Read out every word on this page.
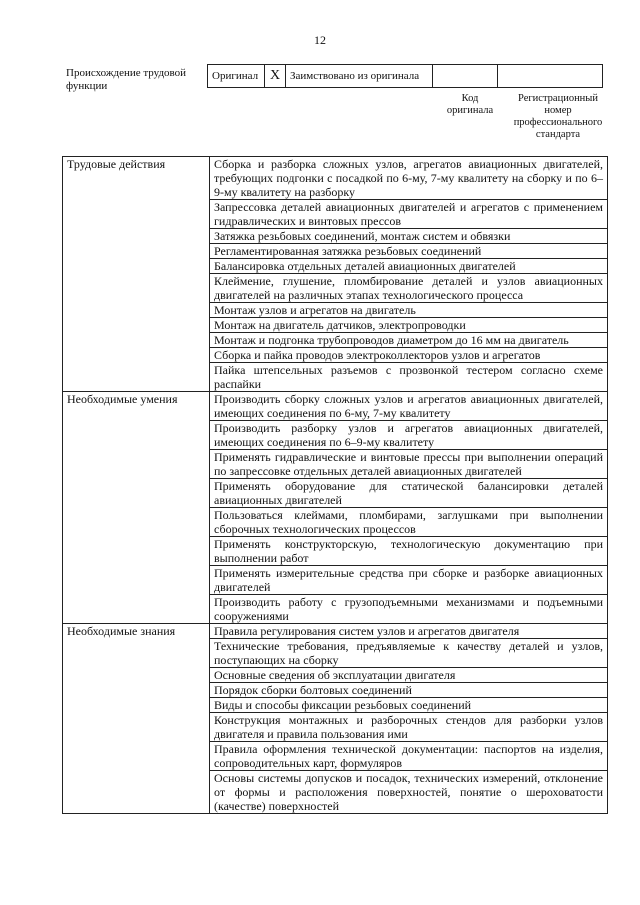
12
Происхождение трудовой функции
Оригинал	X	Заимствовано из оригинала		
Код оригинала
Регистрационный номер профессионального стандарта
Трудовые действия	Сборка и разборка сложных узлов, агрегатов авиационных двигателей, требующих подгонки с посадкой по 6-му, 7-му квалитету на сборку и по 6–9-му квалитету на разборку
	Запрессовка деталей авиационных двигателей и агрегатов с применением гидравлических и винтовых прессов
	Затяжка резьбовых соединений, монтаж систем и обвязки
	Регламентированная затяжка резьбовых соединений
	Балансировка отдельных деталей авиационных двигателей
	Клеймение, глушение, пломбирование деталей и узлов авиационных двигателей на различных этапах технологического процесса
	Монтаж узлов и агрегатов на двигатель
	Монтаж на двигатель датчиков, электропроводки
	Монтаж и подгонка трубопроводов диаметром до 16 мм на двигатель
	Сборка и пайка проводов электроколлекторов узлов и агрегатов
	Пайка штепсельных разъемов с прозвонкой тестером согласно схеме распайки
Необходимые умения	Производить сборку сложных узлов и агрегатов авиационных двигателей, имеющих соединения по 6-му, 7-му квалитету
	Производить разборку узлов и агрегатов авиационных двигателей, имеющих соединения по 6–9-му квалитету
	Применять гидравлические и винтовые прессы при выполнении операций по запрессовке отдельных деталей авиационных двигателей
	Применять оборудование для статической балансировки деталей авиационных двигателей
	Пользоваться клеймами, пломбирами, заглушками при выполнении сборочных технологических процессов
	Применять конструкторскую, технологическую документацию при выполнении работ
	Применять измерительные средства при сборке и разборке авиационных двигателей
	Производить работу с грузоподъемными механизмами и подъемными сооружениями
Необходимые знания	Правила регулирования систем узлов и агрегатов двигателя
	Технические требования, предъявляемые к качеству деталей и узлов, поступающих на сборку
	Основные сведения об эксплуатации двигателя
	Порядок сборки болтовых соединений
	Виды и способы фиксации резьбовых соединений
	Конструкция монтажных и разборочных стендов для разборки узлов двигателя и правила пользования ими
	Правила оформления технической документации: паспортов на изделия, сопроводительных карт, формуляров
	Основы системы допусков и посадок, технических измерений, отклонение от формы и расположения поверхностей, понятие о шероховатости (качестве) поверхностей
